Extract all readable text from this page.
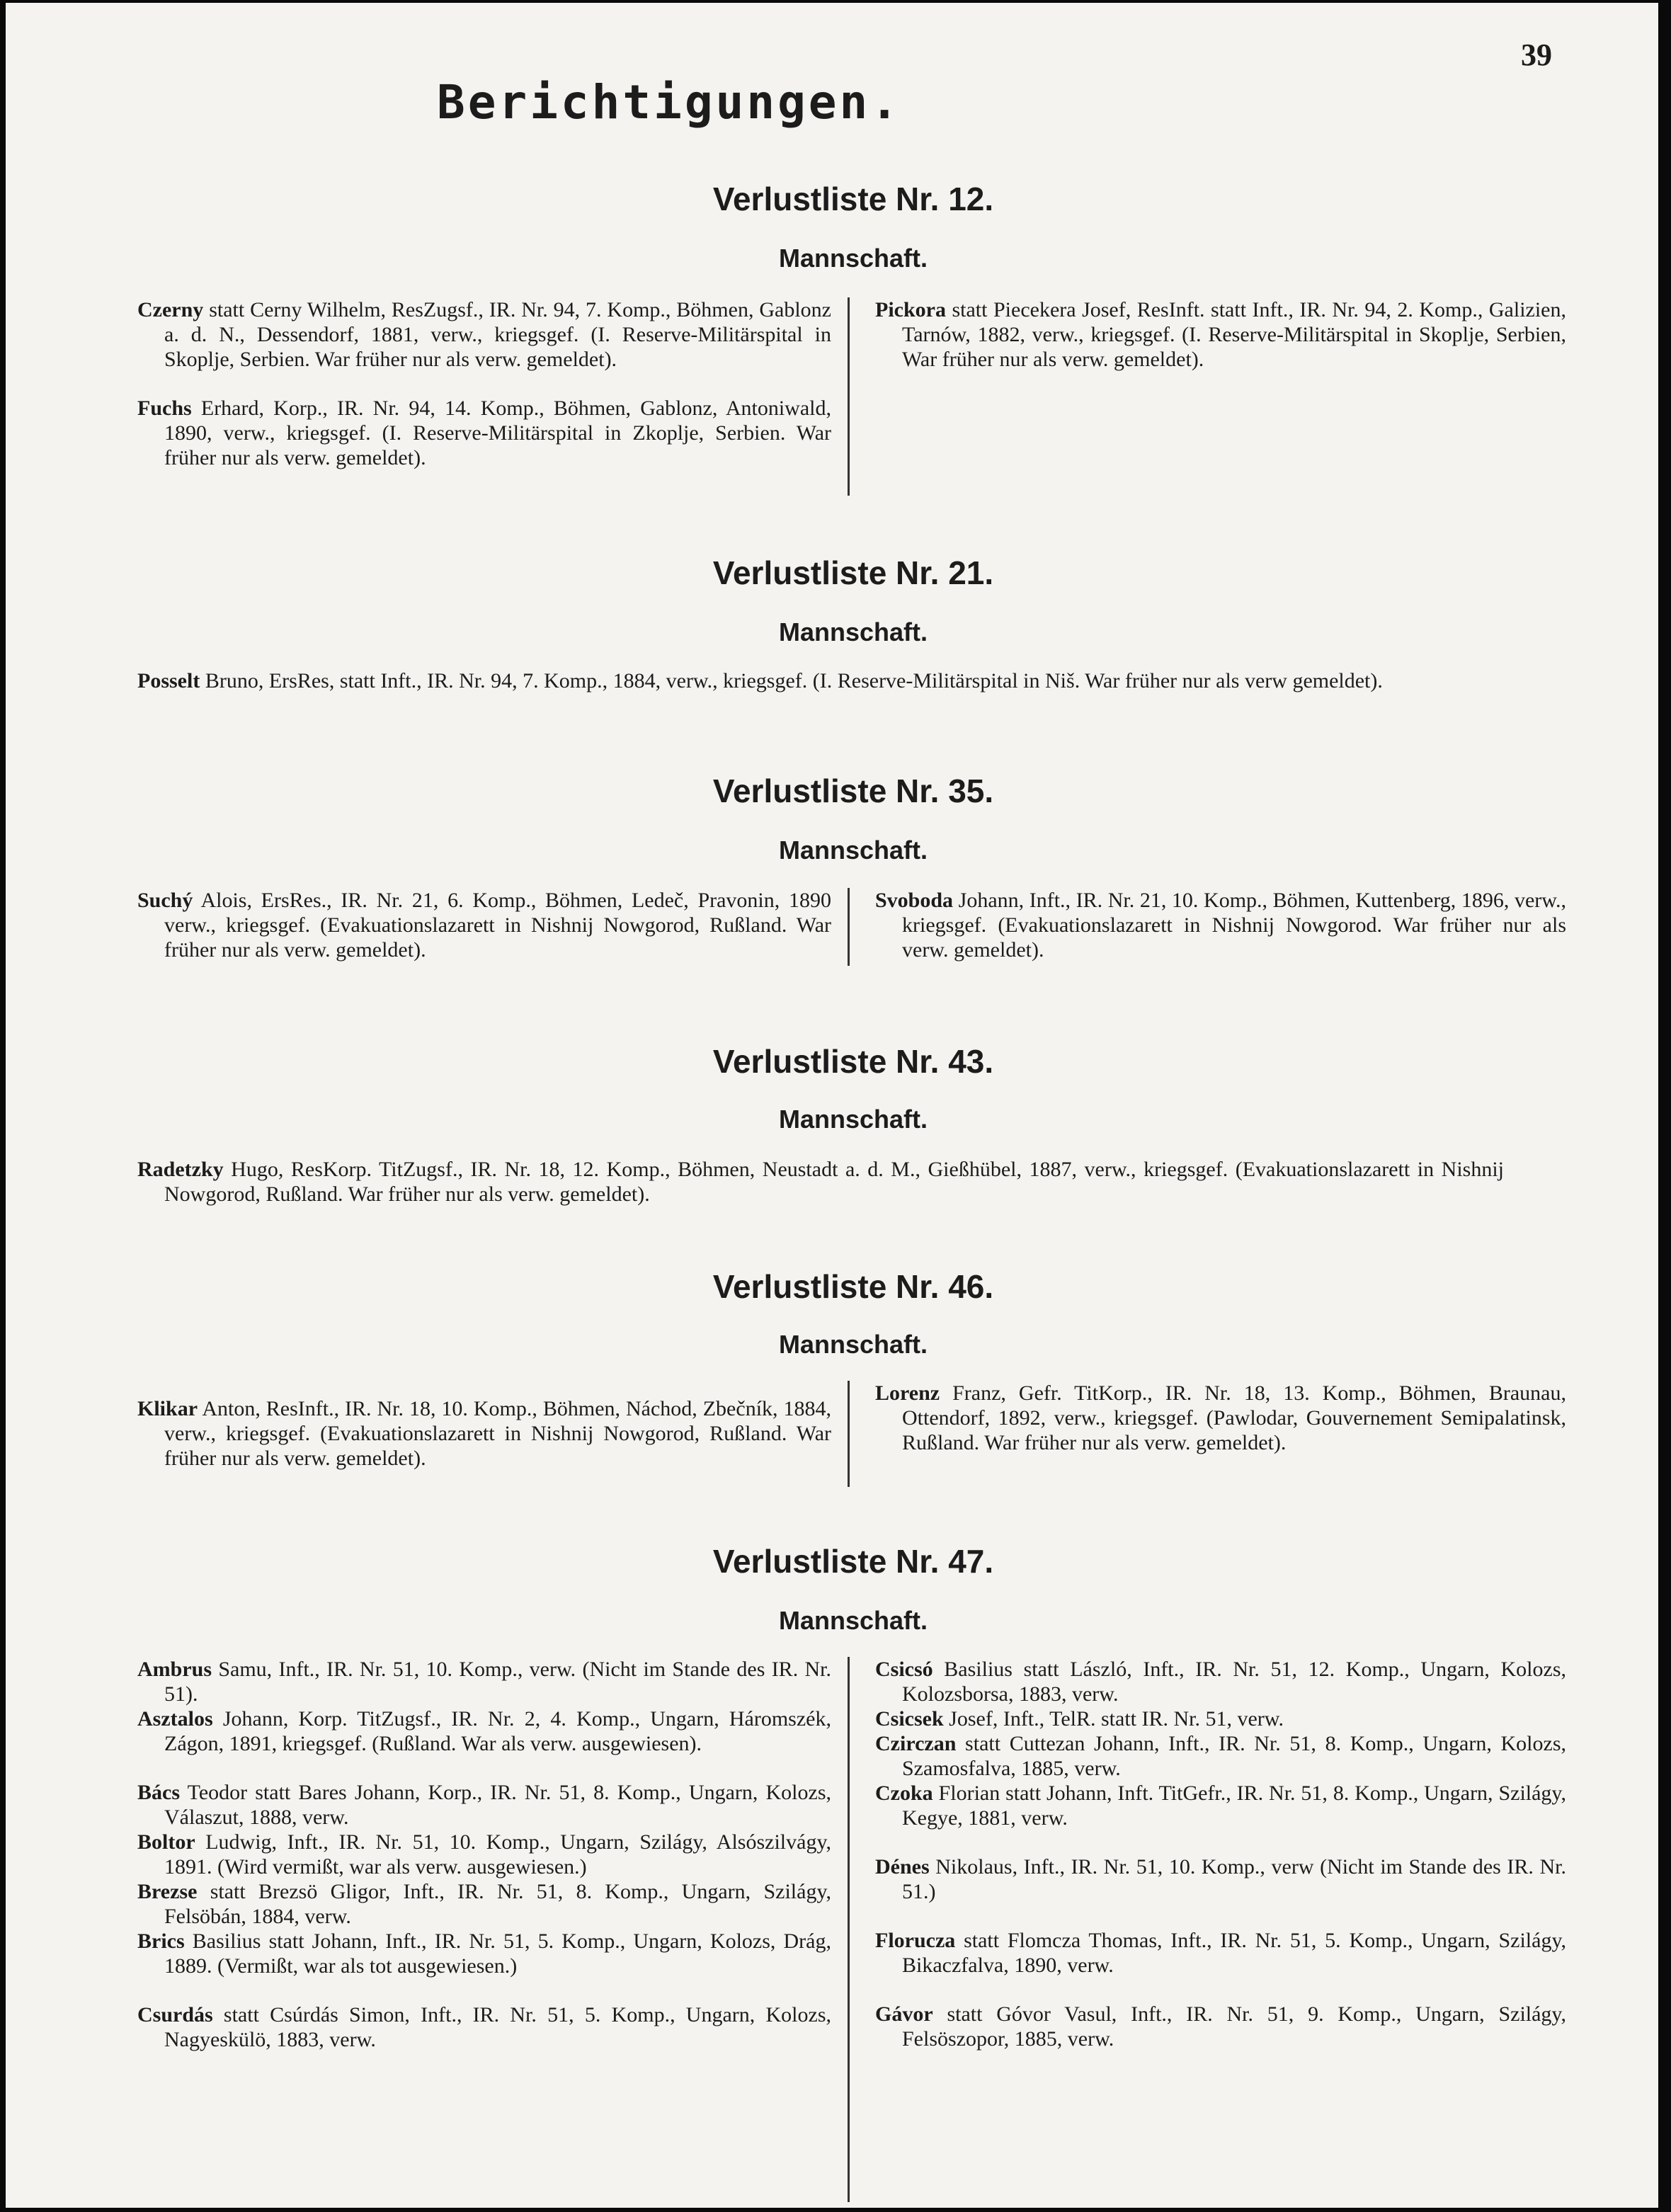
39
Berichtigungen.
Verlustliste Nr. 12.
Mannschaft.

Czerny statt Cerny Wilhelm, ResZugsf., IR. Nr. 94, 7. Komp., Böhmen, Gablonz a. d. N., Dessendorf, 1881, verw., kriegsgef. (I. Reserve-Militärspital in Skoplje, Serbien. War früher nur als verw. gemeldet).

Fuchs Erhard, Korp., IR. Nr. 94, 14. Komp., Böhmen, Gablonz, Antoniwald, 1890, verw., kriegsgef. (I. Reserve-Militärspital in Zkoplje, Serbien. War früher nur als verw. gemeldet).

Pickora statt Piecekera Josef, ResInft. statt Inft., IR. Nr. 94, 2. Komp., Galizien, Tarnów, 1882, verw., kriegsgef. (I. Reserve-Militärspital in Skoplje, Serbien, War früher nur als verw. gemeldet).

Verlustliste Nr. 21.
Mannschaft.

Posselt Bruno, ErsRes, statt Inft., IR. Nr. 94, 7. Komp., 1884, verw., kriegsgef. (I. Reserve-Militärspital in Niš. War früher nur als verw gemeldet).

Verlustliste Nr. 35.
Mannschaft.

Suchý Alois, ErsRes., IR. Nr. 21, 6. Komp., Böhmen, Ledeč, Pravonin, 1890 verw., kriegsgef. (Evakuationslazarett in Nishnij Nowgorod, Rußland. War früher nur als verw. gemeldet).

Svoboda Johann, Inft., IR. Nr. 21, 10. Komp., Böhmen, Kuttenberg, 1896, verw., kriegsgef. (Evakuationslazarett in Nishnij Nowgorod. War früher nur als verw. gemeldet).

Verlustliste Nr. 43.
Mannschaft.

Radetzky Hugo, ResKorp. TitZugsf., IR. Nr. 18, 12. Komp., Böhmen, Neustadt a. d. M., Gießhübel, 1887, verw., kriegsgef. (Evakuationslazarett in Nishnij Nowgorod, Rußland. War früher nur als verw. gemeldet).

Verlustliste Nr. 46.
Mannschaft.

Klikar Anton, ResInft., IR. Nr. 18, 10. Komp., Böhmen, Náchod, Zbečník, 1884, verw., kriegsgef. (Evakuationslazarett in Nishnij Nowgorod, Rußland. War früher nur als verw. gemeldet).

Lorenz Franz, Gefr. TitKorp., IR. Nr. 18, 13. Komp., Böhmen, Braunau, Ottendorf, 1892, verw., kriegsgef. (Pawlodar, Gouvernement Semipalatinsk, Rußland. War früher nur als verw. gemeldet).

Verlustliste Nr. 47.
Mannschaft.

Ambrus Samu, Inft., IR. Nr. 51, 10. Komp., verw. (Nicht im Stande des IR. Nr. 51).

Asztalos Johann, Korp. TitZugsf., IR. Nr. 2, 4. Komp., Ungarn, Háromszék, Zágon, 1891, kriegsgef. (Rußland. War als verw. ausgewiesen).

Bács Teodor statt Bares Johann, Korp., IR. Nr. 51, 8. Komp., Ungarn, Kolozs, Válaszut, 1888, verw.

Boltor Ludwig, Inft., IR. Nr. 51, 10. Komp., Ungarn, Szilágy, Alsószilvágy, 1891. (Wird vermißt, war als verw. ausgewiesen.)

Brezse statt Brezsö Gligor, Inft., IR. Nr. 51, 8. Komp., Ungarn, Szilágy, Felsöbán, 1884, verw.

Brics Basilius statt Johann, Inft., IR. Nr. 51, 5. Komp., Ungarn, Kolozs, Drág, 1889. (Vermißt, war als tot ausgewiesen.)

Csurdás statt Csúrdás Simon, Inft., IR. Nr. 51, 5. Komp., Ungarn, Kolozs, Nagyeskülö, 1883, verw.

Csicsó Basilius statt László, Inft., IR. Nr. 51, 12. Komp., Ungarn, Kolozs, Kolozsborsa, 1883, verw.

Csicsek Josef, Inft., TelR. statt IR. Nr. 51, verw.

Czirczan statt Cuttezan Johann, Inft., IR. Nr. 51, 8. Komp., Ungarn, Kolozs, Szamosfalva, 1885, verw.

Czoka Florian statt Johann, Inft. TitGefr., IR. Nr. 51, 8. Komp., Ungarn, Szilágy, Kegye, 1881, verw.

Dénes Nikolaus, Inft., IR. Nr. 51, 10. Komp., verw (Nicht im Stande des IR. Nr. 51.)

Florucza statt Flomcza Thomas, Inft., IR. Nr. 51, 5. Komp., Ungarn, Szilágy, Bikaczfalva, 1890, verw.

Gávor statt Góvor Vasul, Inft., IR. Nr. 51, 9. Komp., Ungarn, Szilágy, Felsöszopor, 1885, verw.
